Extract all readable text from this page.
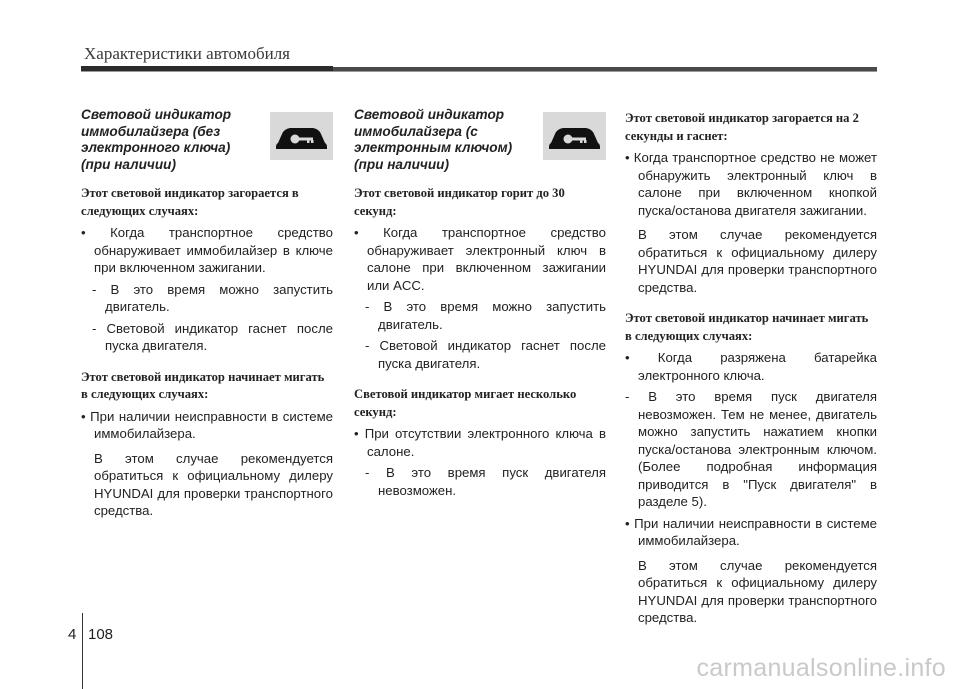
Характеристики автомобиля
Световой индикатор иммобилайзера (без электронного ключа) (при наличии)
Этот световой индикатор загорается в следующих случаях:
• Когда транспортное средство обнаруживает иммобилайзер в ключе при включенном зажигании.
- В это время можно запустить двигатель.
- Световой индикатор гаснет после пуска двигателя.
Этот световой индикатор начинает мигать в следующих случаях:
• При наличии неисправности в системе иммобилайзера.
В этом случае рекомендуется обратиться к официальному дилеру HYUNDAI для проверки транспортного средства.
Световой индикатор иммобилайзера (с электронным ключом) (при наличии)
Этот световой индикатор горит до 30 секунд:
• Когда транспортное средство обнаруживает электронный ключ в салоне при включенном зажигании или ACC.
- В это время можно запустить двигатель.
- Световой индикатор гаснет после пуска двигателя.
Световой индикатор мигает несколько секунд:
• При отсутствии электронного ключа в салоне.
- В это время пуск двигателя невозможен.
Этот световой индикатор загорается на 2 секунды и гаснет:
• Когда транспортное средство не может обнаружить электронный ключ в салоне при включенном кнопкой пуска/останова двигателя зажигании.
В этом случае рекомендуется обратиться к официальному дилеру HYUNDAI для проверки транспортного средства.
Этот световой индикатор начинает мигать в следующих случаях:
• Когда разряжена батарейка электронного ключа.
- В это время пуск двигателя невозможен. Тем не менее, двигатель можно запустить нажатием кнопки пуска/останова электронным ключом. (Более подробная информация приводится в "Пуск двигателя" в разделе 5).
• При наличии неисправности в системе иммобилайзера.
В этом случае рекомендуется обратиться к официальному дилеру HYUNDAI для проверки транспортного средства.
4 108
carmanualsonline.info
